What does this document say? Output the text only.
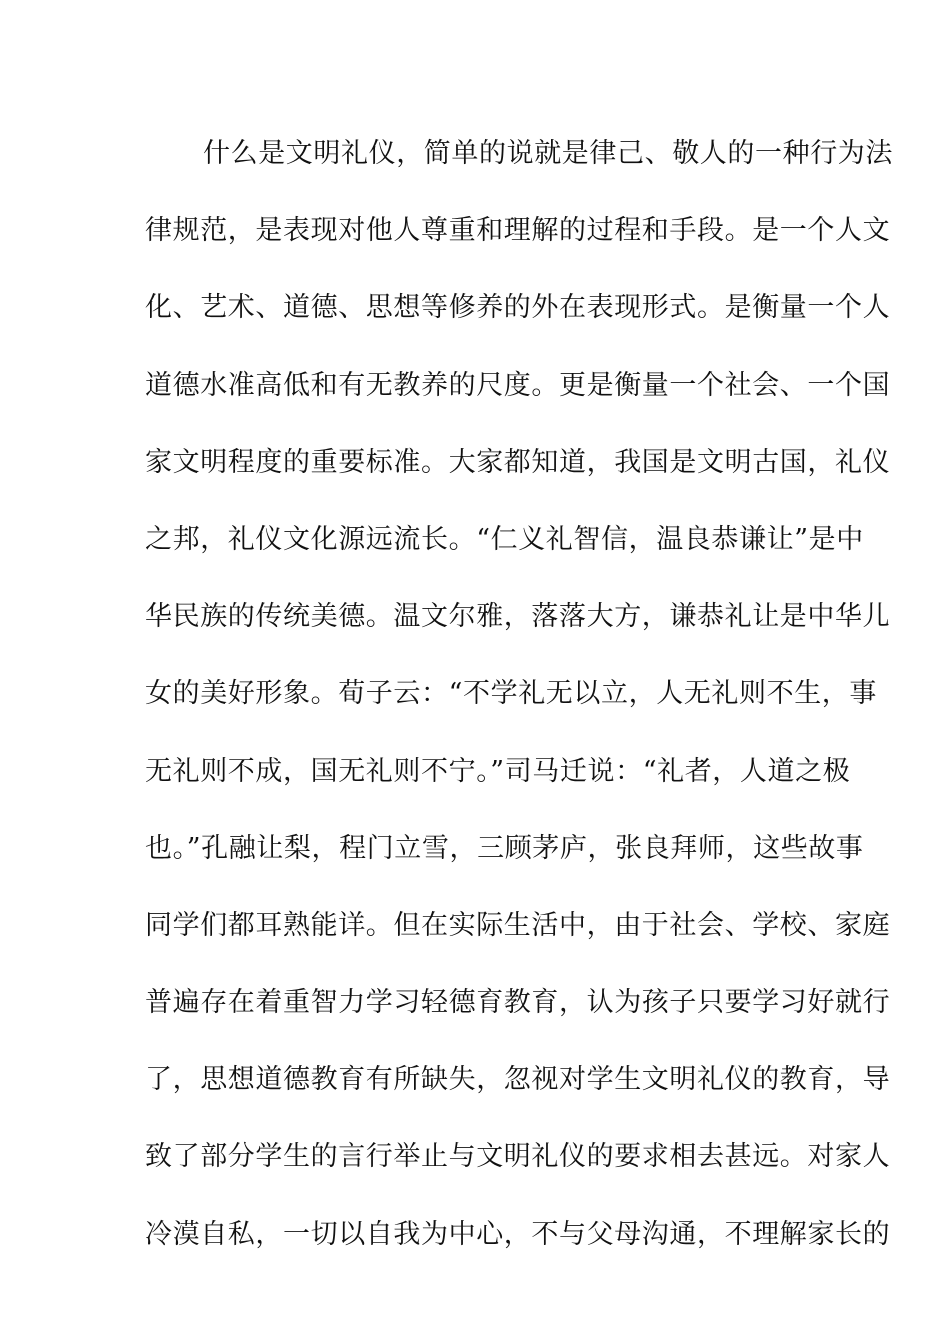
什么是文明礼仪，简单的说就是律己、敬人的一种行为法
律规范，是表现对他人尊重和理解的过程和手段。是一个人文
化、艺术、道德、思想等修养的外在表现形式。是衡量一个人
道德水准高低和有无教养的尺度。更是衡量一个社会、一个国
家文明程度的重要标准。大家都知道，我国是文明古国，礼仪
之邦，礼仪文化源远流长。“仁义礼智信，温良恭谦让”是中
华民族的传统美德。温文尔雅，落落大方，谦恭礼让是中华儿
女的美好形象。荀子云：“不学礼无以立，人无礼则不生，事
无礼则不成，国无礼则不宁。”司马迁说：“礼者，人道之极
也。”孔融让梨，程门立雪，三顾茅庐，张良拜师，这些故事
同学们都耳熟能详。但在实际生活中，由于社会、学校、家庭
普遍存在着重智力学习轻德育教育，认为孩子只要学习好就行
了，思想道德教育有所缺失，忽视对学生文明礼仪的教育，导
致了部分学生的言行举止与文明礼仪的要求相去甚远。对家人
冷漠自私，一切以自我为中心，不与父母沟通，不理解家长的
